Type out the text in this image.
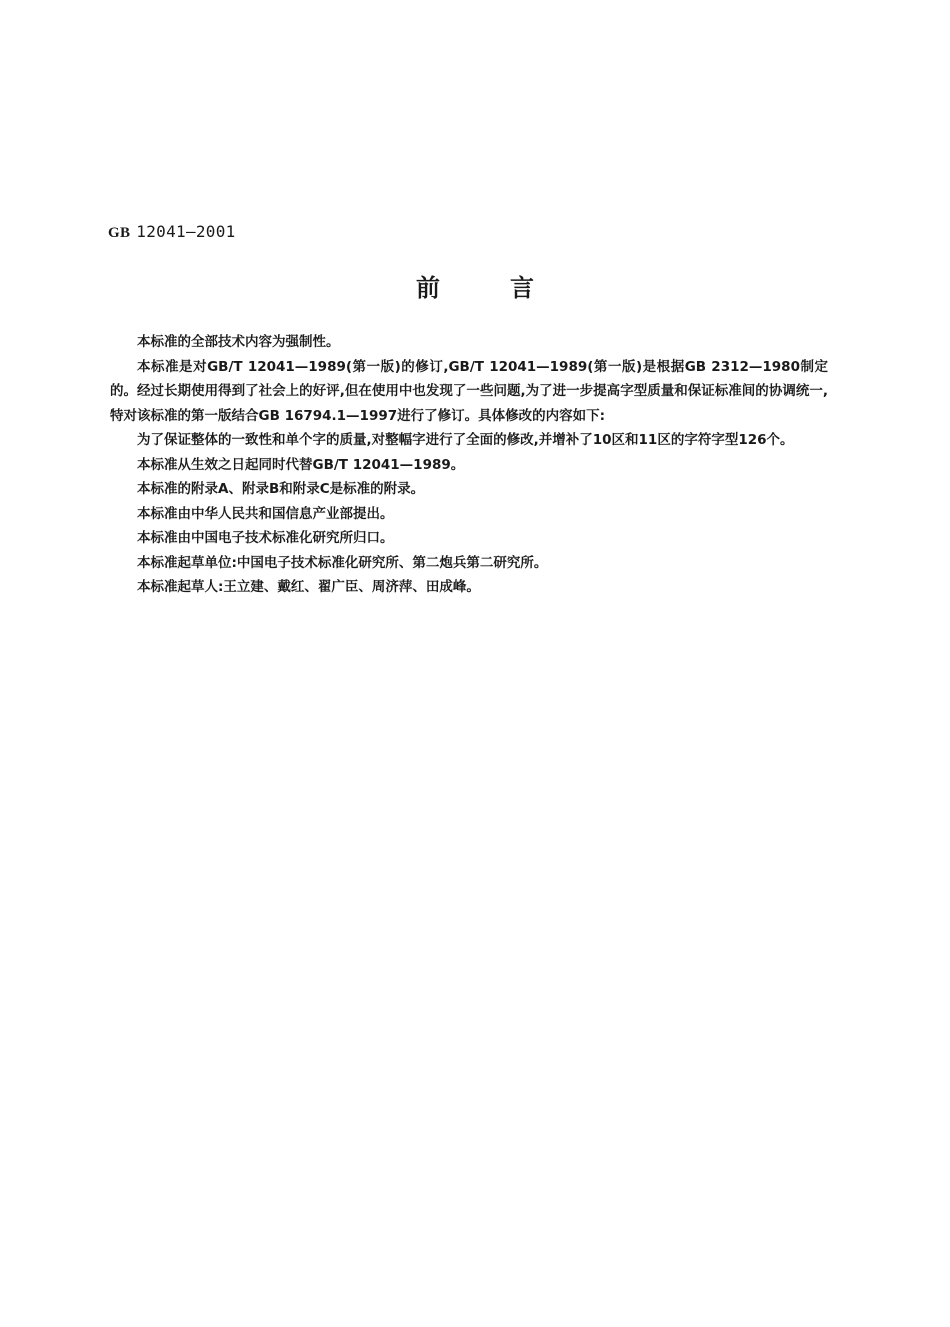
GB 12041—2001
前言

本标准的全部技术内容为强制性。

本标准是对GB/T 12041—1989(第一版)的修订,GB/T 12041—1989(第一版)是根据GB 2312—1980制定的。经过长期使用得到了社会上的好评,但在使用中也发现了一些问题,为了进一步提高字型质量和保证标准间的协调统一,特对该标准的第一版结合GB 16794.1—1997进行了修订。具体修改的内容如下:

为了保证整体的一致性和单个字的质量,对整幅字进行了全面的修改,并增补了10区和11区的字符字型126个。

本标准从生效之日起同时代替GB/T 12041—1989。

本标准的附录A、附录B和附录C是标准的附录。

本标准由中华人民共和国信息产业部提出。

本标准由中国电子技术标准化研究所归口。

本标准起草单位:中国电子技术标准化研究所、第二炮兵第二研究所。

本标准起草人:王立建、戴红、翟广臣、周济萍、田成峰。
